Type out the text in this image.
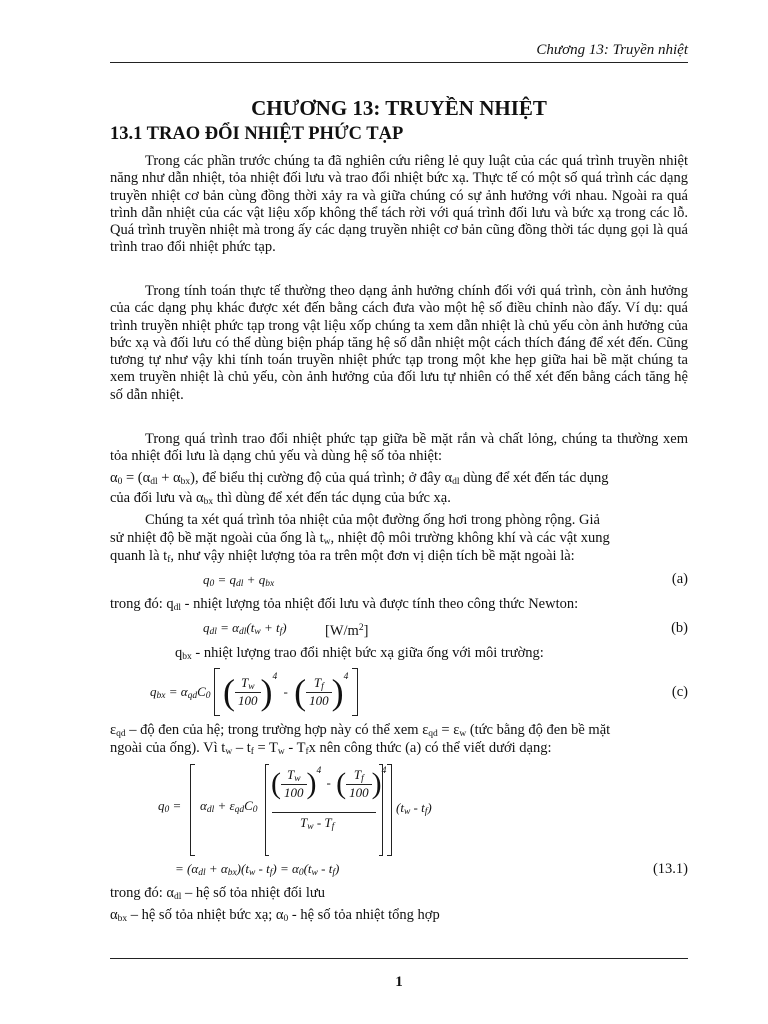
Chương 13: Truyền nhiệt
CHƯƠNG 13: TRUYỀN NHIỆT
13.1 TRAO ĐỔI NHIỆT PHỨC TẠP

Trong các phần trước chúng ta đã nghiên cứu riêng lẻ quy luật của các quá trình truyền nhiệt năng như dẫn nhiệt, tỏa nhiệt đối lưu và trao đổi nhiệt bức xạ. Thực tế có một số quá trình các dạng truyền nhiệt cơ bản cùng đồng thời xảy ra và giữa chúng có sự ảnh hưởng với nhau. Ngoài ra quá trình dẫn nhiệt của các vật liệu xốp không thể tách rời với quá trình đối lưu và bức xạ trong các lỗ. Quá trình truyền nhiệt mà trong ấy các dạng truyền nhiệt cơ bản cũng đồng thời tác dụng gọi là quá trình trao đổi nhiệt phức tạp.

Trong tính toán thực tế thường theo dạng ảnh hưởng chính đối với quá trình, còn ảnh hưởng của các dạng phụ khác được xét đến bằng cách đưa vào một hệ số điều chỉnh nào đấy. Ví dụ: quá trình truyền nhiệt phức tạp trong vật liệu xốp chúng ta xem dẫn nhiệt là chủ yếu còn ảnh hưởng của bức xạ và đối lưu có thể dùng biện pháp tăng hệ số dẫn nhiệt một cách thích đáng để xét đến. Cũng tương tự như vậy khi tính toán truyền nhiệt phức tạp trong một khe hẹp giữa hai bề mặt chúng ta xem truyền nhiệt là chủ yếu, còn ảnh hưởng của đối lưu tự nhiên có thể xét đến bằng cách tăng hệ số dẫn nhiệt.

Trong quá trình trao đổi nhiệt phức tạp giữa bề mặt rắn và chất lỏng, chúng ta thường xem tỏa nhiệt đối lưu là dạng chủ yếu và dùng hệ số tỏa nhiệt:

$\alpha_0 = (\alpha_{dl} + \alpha_{bx})$, để biểu thị cường độ của quá trình; ở đây $\alpha_{dl}$ dùng để xét đến tác dụng
của đối lưu và $\alpha_{bx}$ thì dùng để xét đến tác dụng của bức xạ.
Chúng ta xét quá trình tỏa nhiệt của một đường ống hơi trong phòng rộng. Giả
sử nhiệt độ bề mặt ngoài của ống là $t_w$, nhiệt độ môi trường không khí và các vật xung
quanh là $t_f$, như vậy nhiệt lượng tỏa ra trên một đơn vị diện tích bề mặt ngoài là:
$q_0 = q_{dl} + q_{bx}$	(a)
trong đó: $q_{dl}$ - nhiệt lượng tỏa nhiệt đối lưu và được tính theo công thức Newton:
$q_{dl} = \alpha_{dl}(t_w + t_f)$	$[W/m^2]$	(b)
$q_{bx}$ - nhiệt lượng trao đổi nhiệt bức xạ giữa ống với môi trường:
$q_{bx} = \alpha_{qd}C_0$ ( $\frac{T_w}{100} )^4$ - ( $\frac{T_f}{100} )^4$
(c)
$\varepsilon_{qd}$ – độ đen của hệ; trong trường hợp này có thể xem $\varepsilon_{qd} = \varepsilon_w$ (tức bằng độ đen bề mặt
ngoài của ống). Vì $t_w - t_f = T_w - T_fx$ nên công thức (a) có thể viết dưới dạng:
$q_0 = \alpha_{dl} + \varepsilon_{qd}C_0$
( $\frac{T_w}{100} )^4$ - ( $\frac{T_f}{100} )^4$
$T_w - T_f$
$(t_w - t_f)$
= $(\alpha_{dl} + \alpha_{bx})(t_w - t_f) = \alpha_0(t_w - t_f)$	(13.1)
trong đó: $\alpha_{dl}$ – hệ số tỏa nhiệt đối lưu
$\alpha_{bx}$ – hệ số tỏa nhiệt bức xạ; $\alpha_0$ - hệ số tỏa nhiệt tổng hợp
1
